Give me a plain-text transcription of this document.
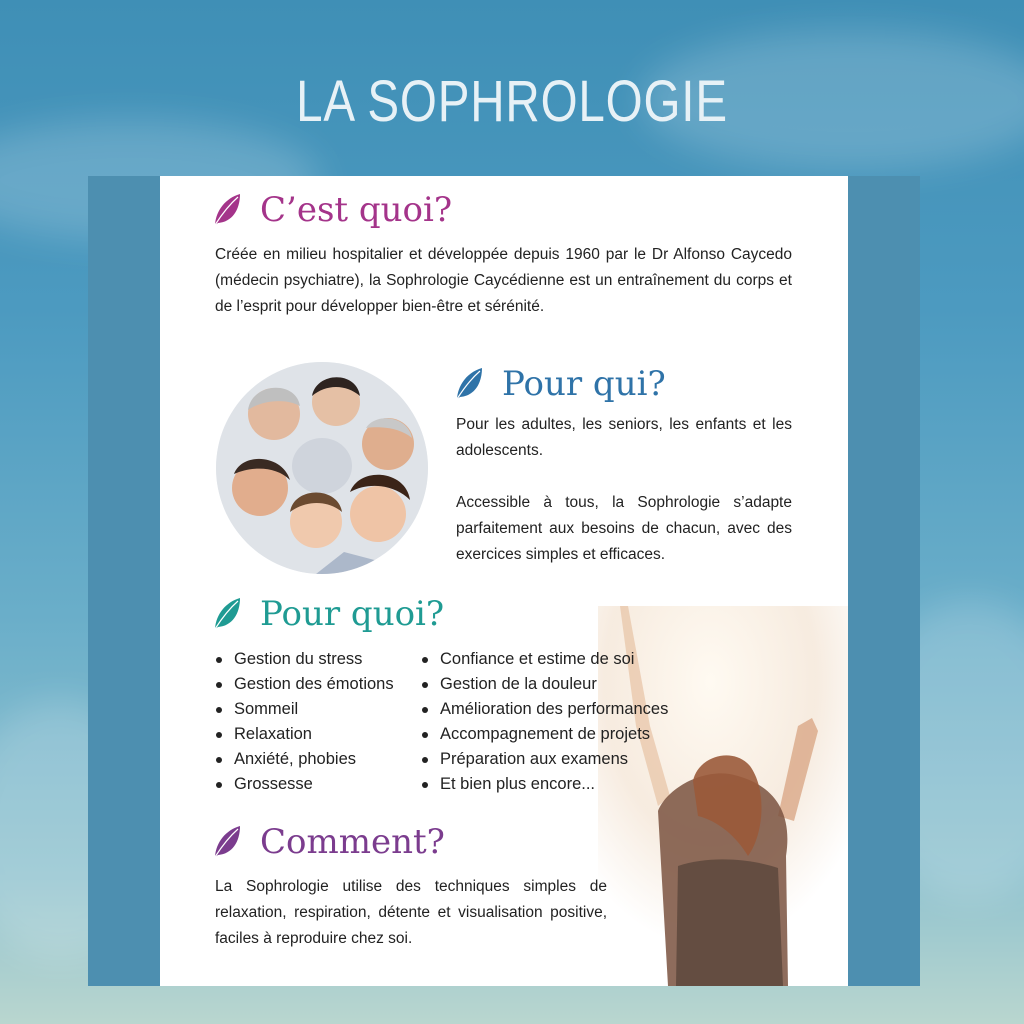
LA SOPHROLOGIE
C’est quoi?

Créée en milieu hospitalier et développée depuis 1960 par le Dr Alfonso Caycedo (médecin psychiatre), la Sophrologie Caycédienne est un entraînement du corps et de l’esprit pour développer bien-être et sérénité.

Pour qui?

Pour les adultes, les seniors, les enfants et les adolescents.

Accessible à tous, la Sophrologie s’adapte parfaitement aux besoins de chacun, avec des exercices simples et efficaces.

Pour quoi?
Gestion du stress
Gestion des émotions
Sommeil
Relaxation
Anxiété, phobies
Grossesse
Confiance et estime de soi
Gestion de la douleur
Amélioration des performances
Accompagnement de projets
Préparation aux examens
Et bien plus encore...
Comment?

La Sophrologie utilise des techniques simples de relaxation, respiration, détente et visualisation positive, faciles à reproduire chez soi.
